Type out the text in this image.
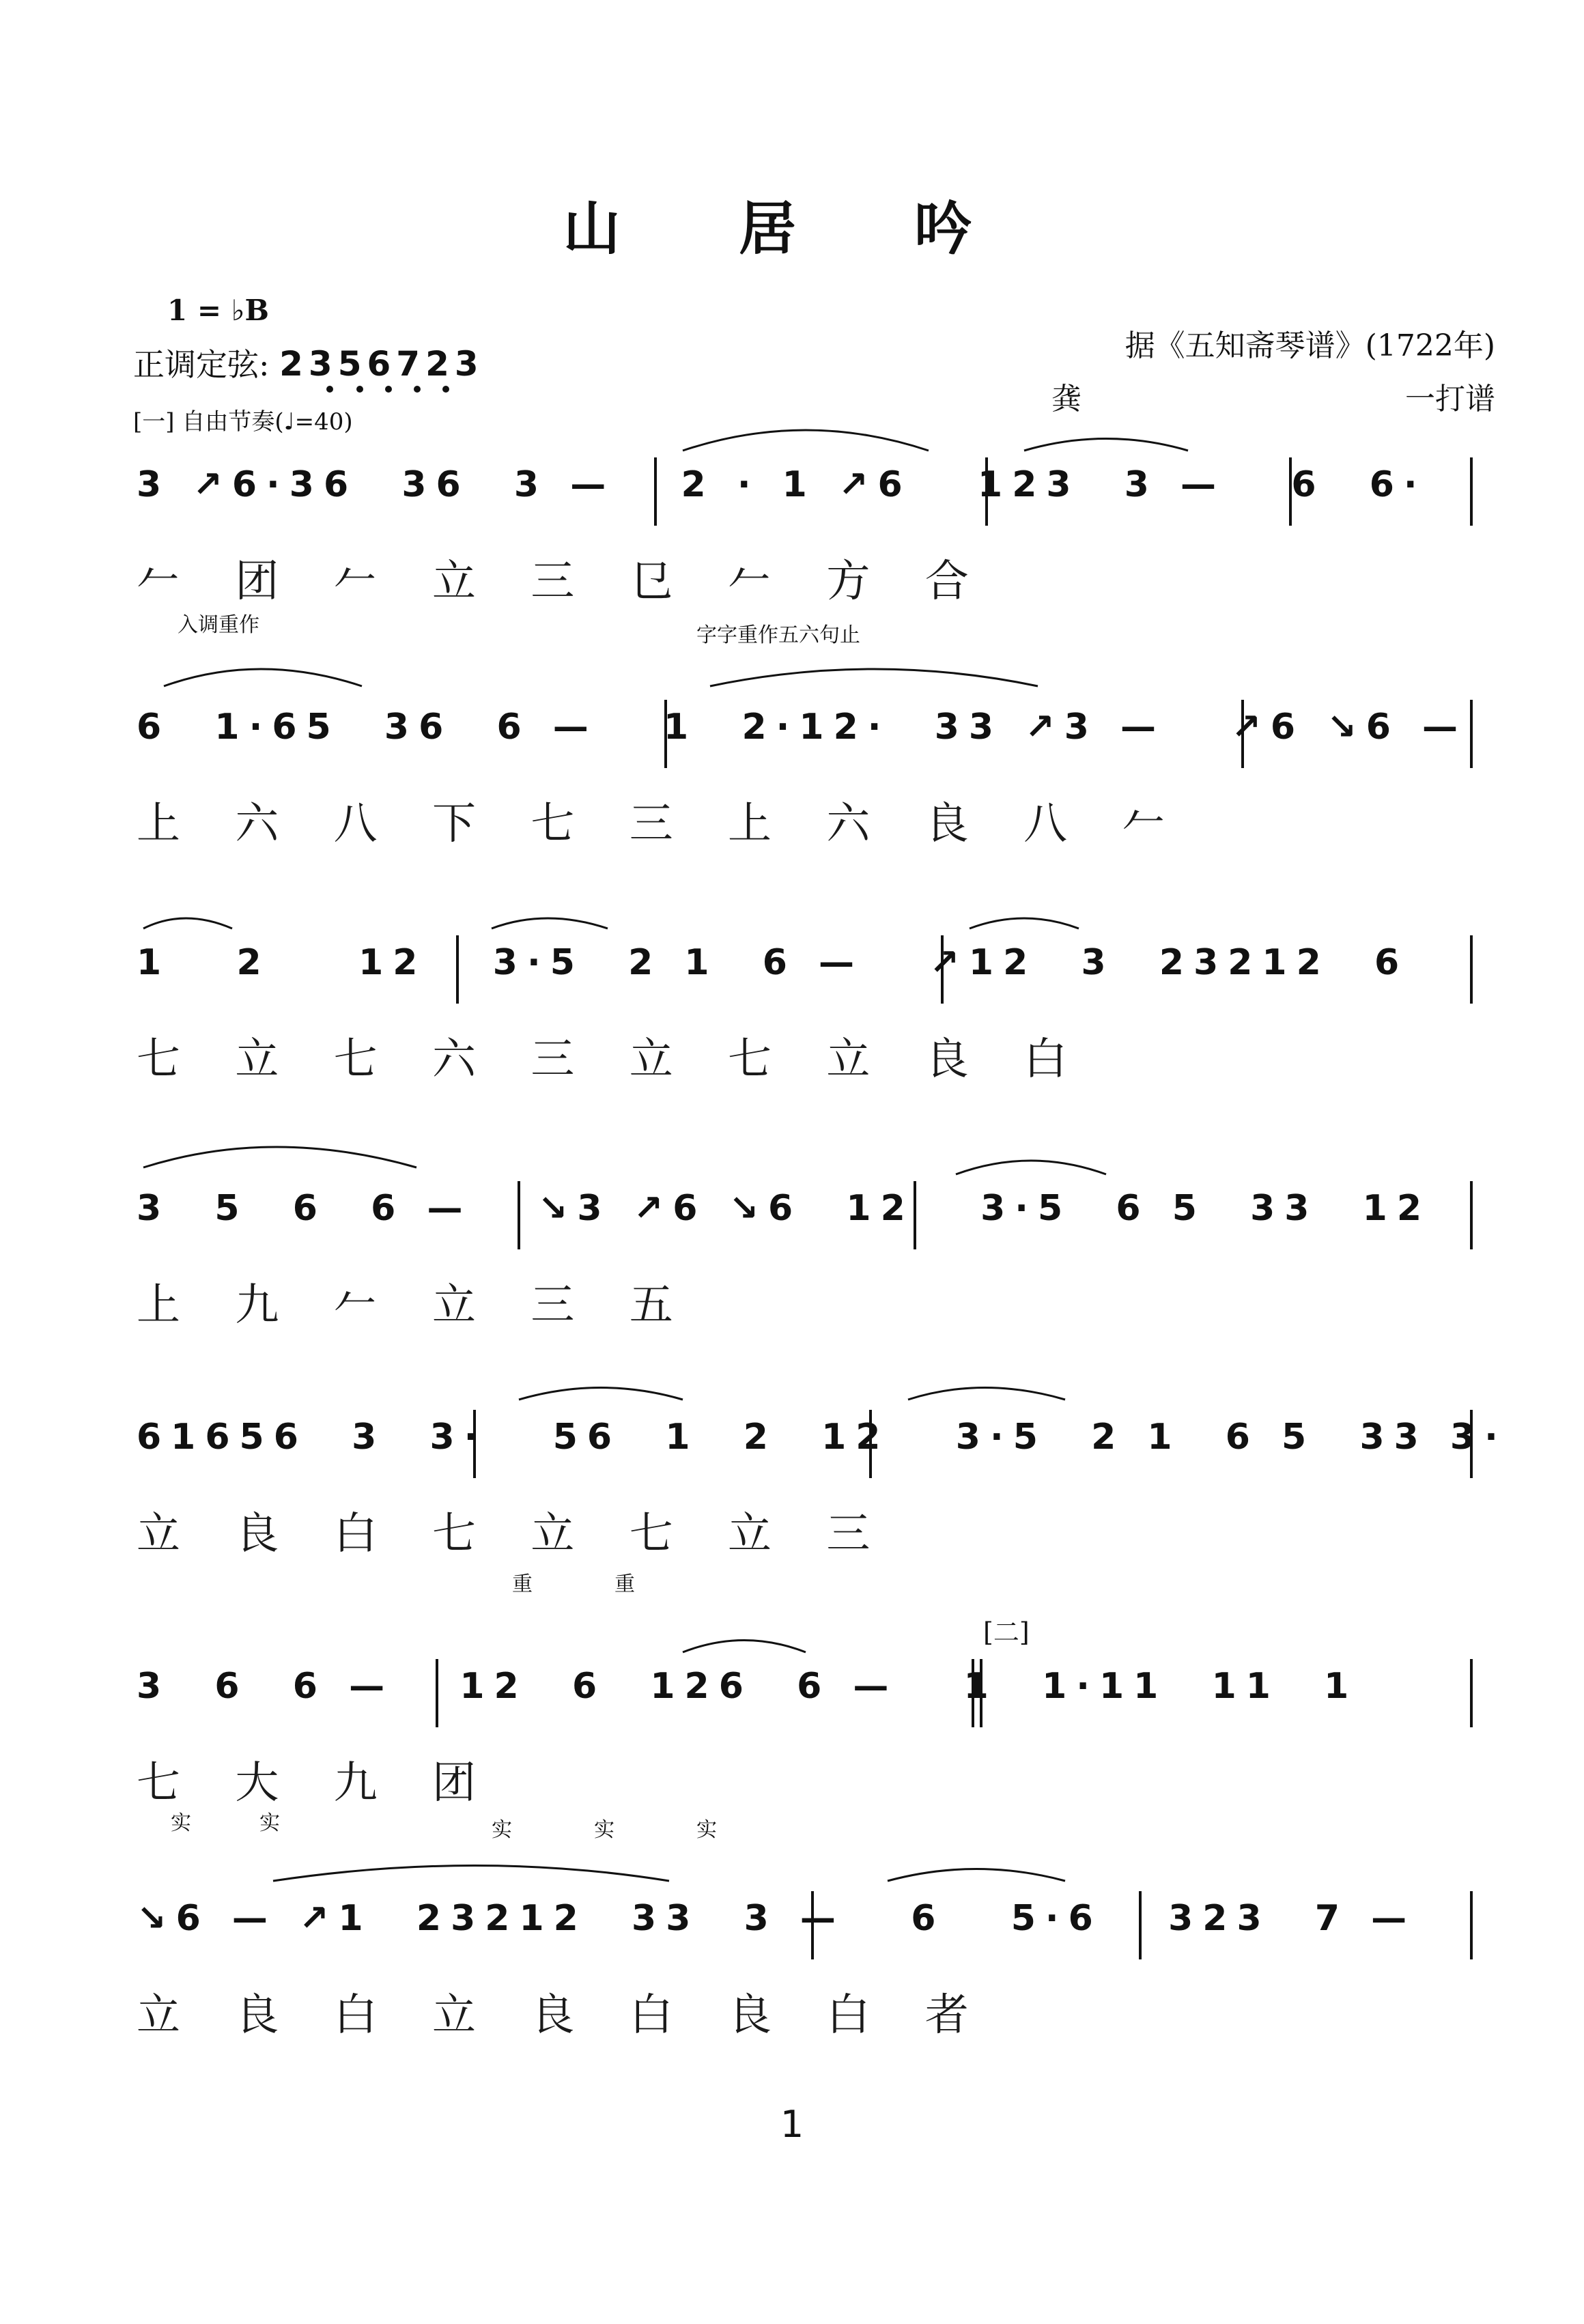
山 居 吟
1 = ♭B
正调定弦: 2356723	据《五知斋琴谱》(1722年)
龚	一打谱
[一] 自由节奏(♩=40)
3 ↗6·36  36  3 —   2 · 1 ↗6   123  3 —   6  6·
𠂉 团 𠂉 立 三 㔾 𠂉 方 合
入调重作	字字重作五六句止
6  1·65  36  6 —   1  2·12·  33 ↗3 —   ↗6 ↘6 —
上 六 八 下 七 三 上 六 良 八 𠂉
1   2    12   3·5  2 1  6 —   ↗12  3  23212  6
七 立 七 六 三 立 七 立 良 白
3  5  6  6 —   ↘3 ↗6 ↘6  12   3·5  6 5  33  12
上 九 𠂉 立 三 五
61656  3  3·   56  1  2  12   3·5  2 1  6 5  33 3·
立 良 白 七 立 七 立 三
重	重
[二]
3  6  6 —   12  6  126  6 —   1  1·11  11  1
七 大 九 团
实	实	实	实	实
↘6 — ↗1  23212  33  3 —   6   5·6   323  7 —
立 良 白 立 良 白 良 白 者
1
